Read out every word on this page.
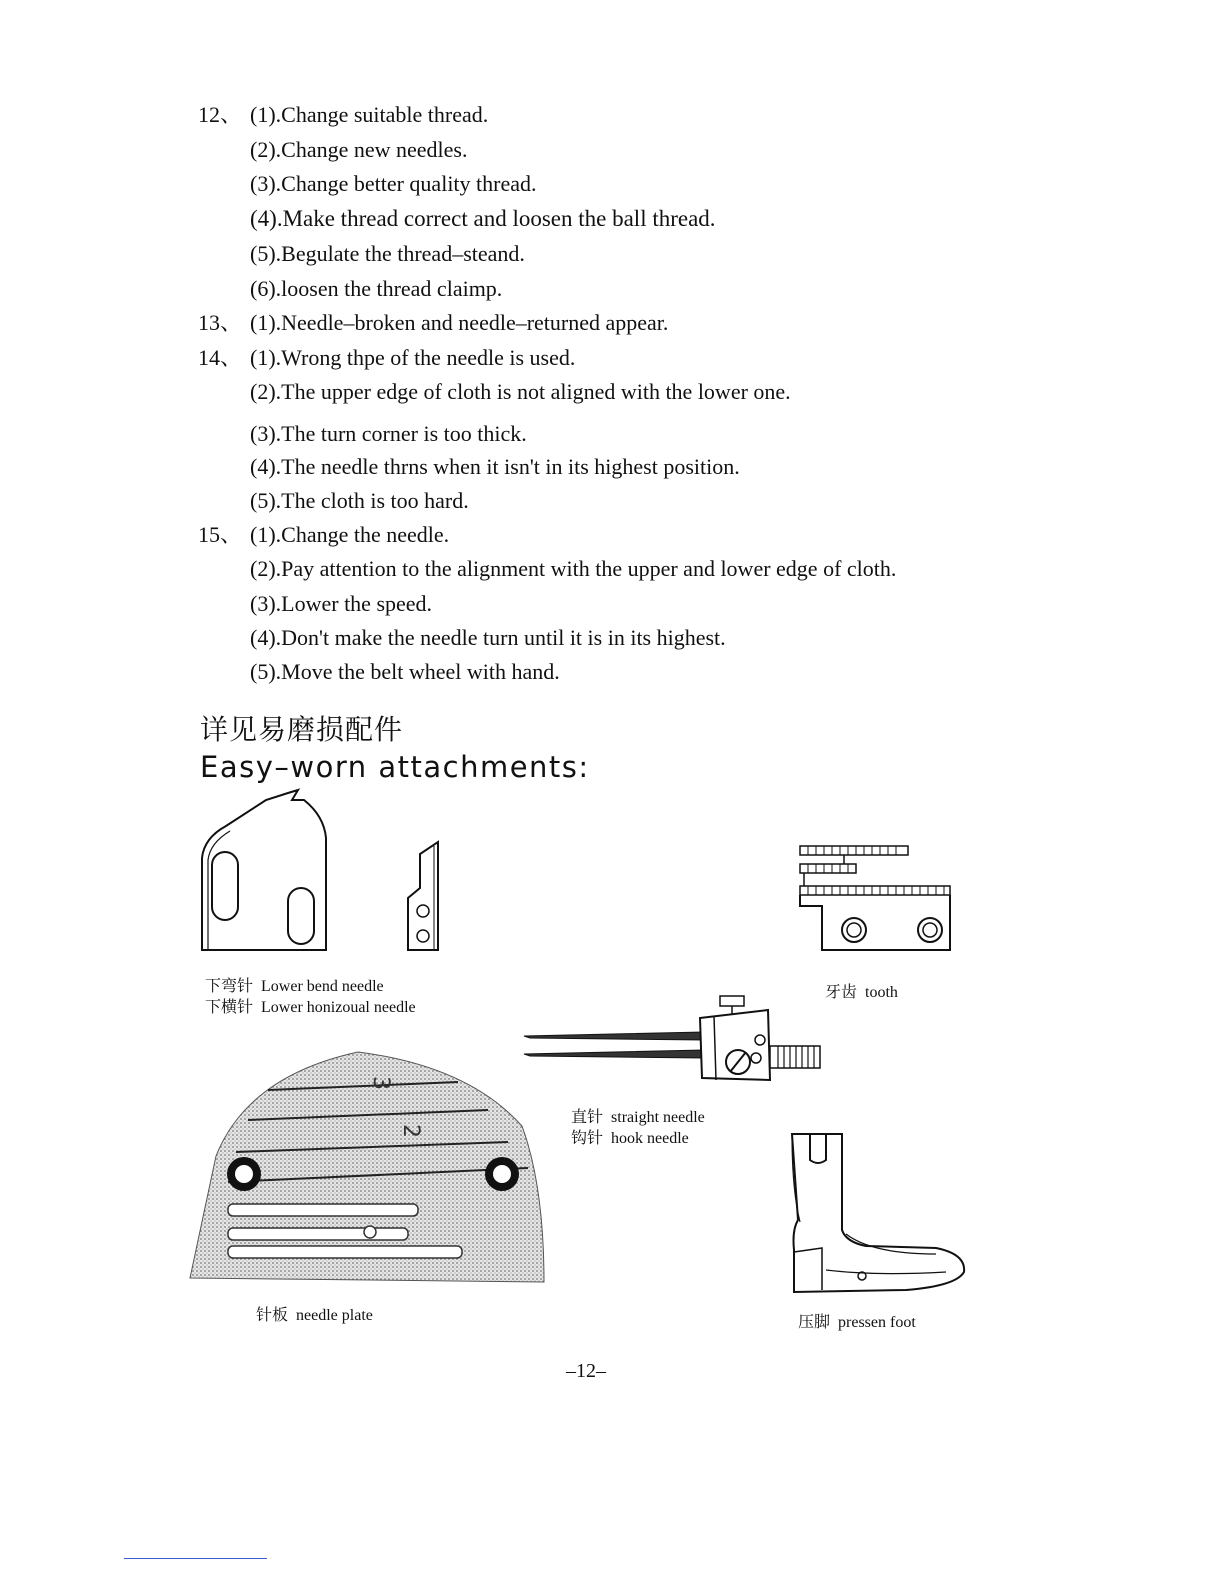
12、 (1).Change suitable thread.
(2).Change new needles.
(3).Change better quality thread.
(4).Make thread correct and loosen the ball thread.
(5).Begulate the thread–steand.
(6).loosen the thread claimp.
13、 (1).Needle–broken and needle–returned appear.
14、 (1).Wrong thpe of the needle is used.
(2).The upper edge of cloth is not aligned with the lower one.
(3).The turn corner is too thick.
(4).The needle thrns when it isn't in its highest position.
(5).The cloth is too hard.
15、 (1).Change the needle.
(2).Pay attention to the alignment with the upper and lower edge of cloth.
(3).Lower the speed.
(4).Don't make the needle turn until it is in its highest.
(5).Move the belt wheel with hand.
详见易磨损配件
Easy–worn attachments:
下弯针 Lower bend needle
下横针 Lower honizoual needle
牙齿 tooth
直针 straight needle
钩针 hook needle
3
2
针板 needle plate	压脚 pressen foot
–12–
